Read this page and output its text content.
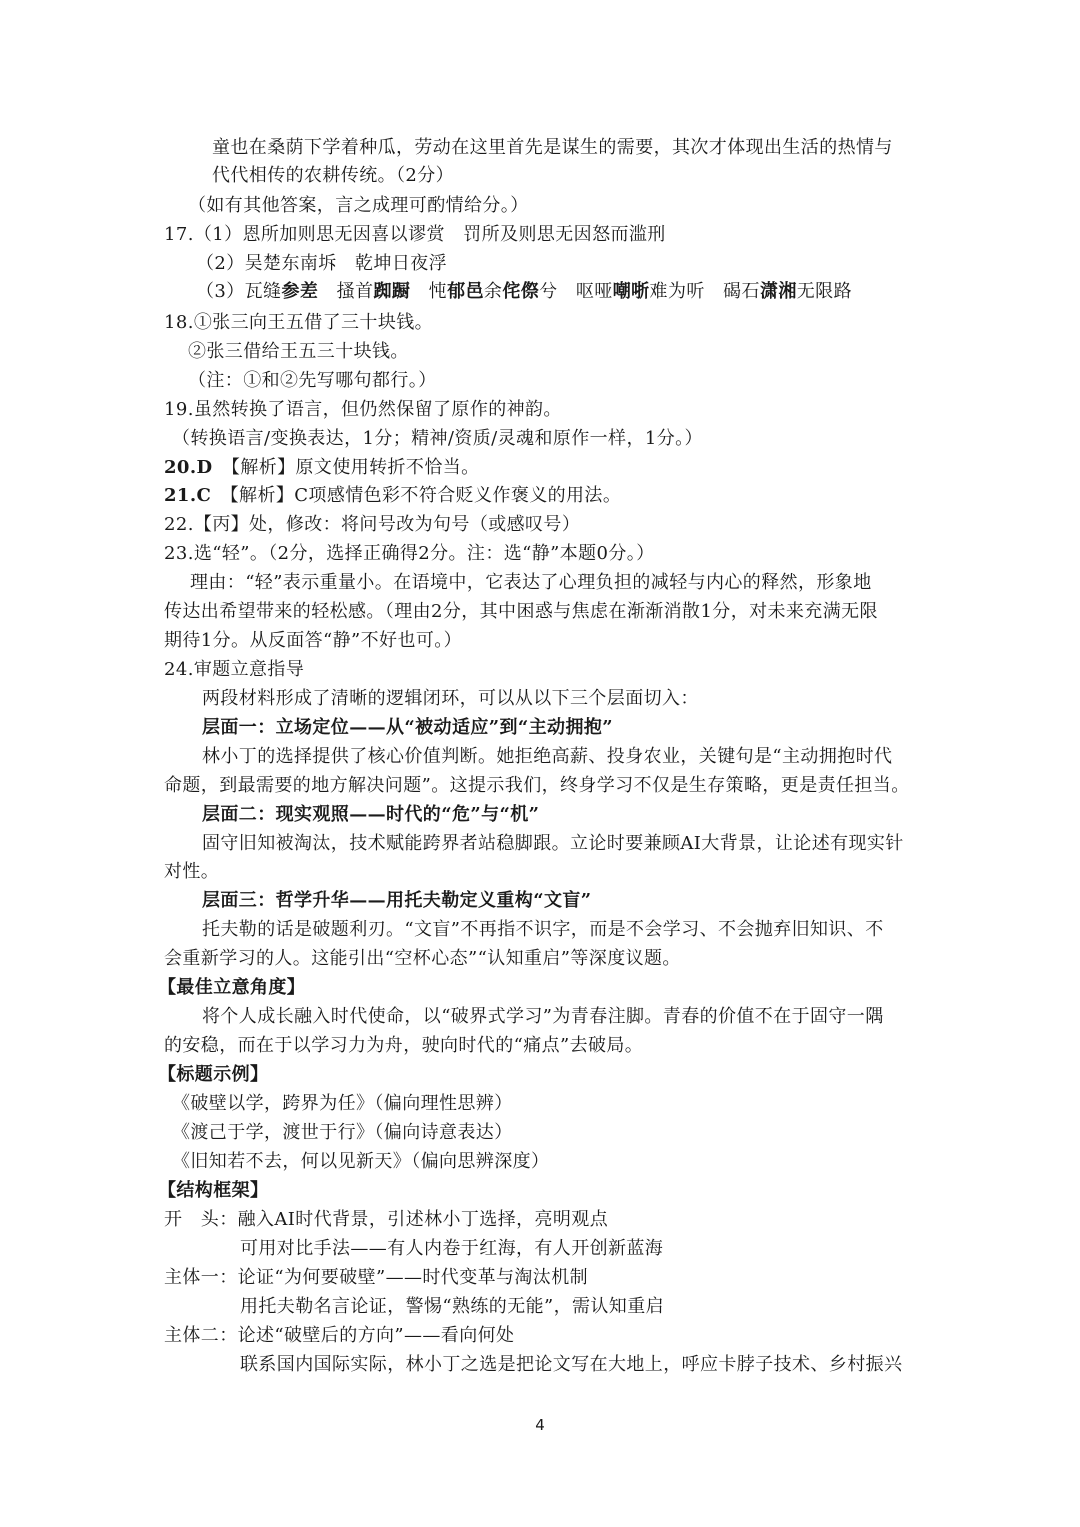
童也在桑荫下学着种瓜，劳动在这里首先是谋生的需要，其次才体现出生活的热情与
代代相传的农耕传统。（2分）
（如有其他答案，言之成理可酌情给分。）
17.（1）恩所加则思无因喜以谬赏　罚所及则思无因怒而滥刑
（2）吴楚东南坼　乾坤日夜浮
（3）瓦缝参差　搔首踟蹰　忳郁邑余侘傺兮　呕哑嘲哳难为听　碣石潇湘无限路
18.①张三向王五借了三十块钱。
②张三借给王五三十块钱。
（注：①和②先写哪句都行。）
19.虽然转换了语言，但仍然保留了原作的神韵。
（转换语言/变换表达，1分；精神/资质/灵魂和原作一样，1分。）
20.D　【解析】原文使用转折不恰当。
21.C　【解析】C项感情色彩不符合贬义作褒义的用法。
22.【丙】处，修改：将问号改为句号（或感叹号）
23.选“轻”。（2分，选择正确得2分。注：选“静”本题0分。）
理由：“轻”表示重量小。在语境中，它表达了心理负担的减轻与内心的释然，形象地
传达出希望带来的轻松感。（理由2分，其中困惑与焦虑在渐渐消散1分，对未来充满无限
期待1分。从反面答“静”不好也可。）
24.审题立意指导
两段材料形成了清晰的逻辑闭环，可以从以下三个层面切入：
层面一：立场定位——从“被动适应”到“主动拥抱”
林小丁的选择提供了核心价值判断。她拒绝高薪、投身农业，关键句是“主动拥抱时代
命题，到最需要的地方解决问题”。这提示我们，终身学习不仅是生存策略，更是责任担当。
层面二：现实观照——时代的“危”与“机”
固守旧知被淘汰，技术赋能跨界者站稳脚跟。立论时要兼顾AI大背景，让论述有现实针
对性。
层面三：哲学升华——用托夫勒定义重构“文盲”
托夫勒的话是破题利刃。“文盲”不再指不识字，而是不会学习、不会抛弃旧知识、不
会重新学习的人。这能引出“空杯心态”“认知重启”等深度议题。
【最佳立意角度】
将个人成长融入时代使命，以“破界式学习”为青春注脚。青春的价值不在于固守一隅
的安稳，而在于以学习力为舟，驶向时代的“痛点”去破局。
【标题示例】
《破壁以学，跨界为任》（偏向理性思辨）
《渡己于学，渡世于行》（偏向诗意表达）
《旧知若不去，何以见新天》（偏向思辨深度）
【结构框架】
开　头：融入AI时代背景，引述林小丁选择，亮明观点
可用对比手法——有人内卷于红海，有人开创新蓝海
主体一：论证“为何要破壁”——时代变革与淘汰机制
用托夫勒名言论证，警惕“熟练的无能”，需认知重启
主体二：论述“破壁后的方向”——看向何处
联系国内国际实际，林小丁之选是把论文写在大地上，呼应卡脖子技术、乡村振兴
4
